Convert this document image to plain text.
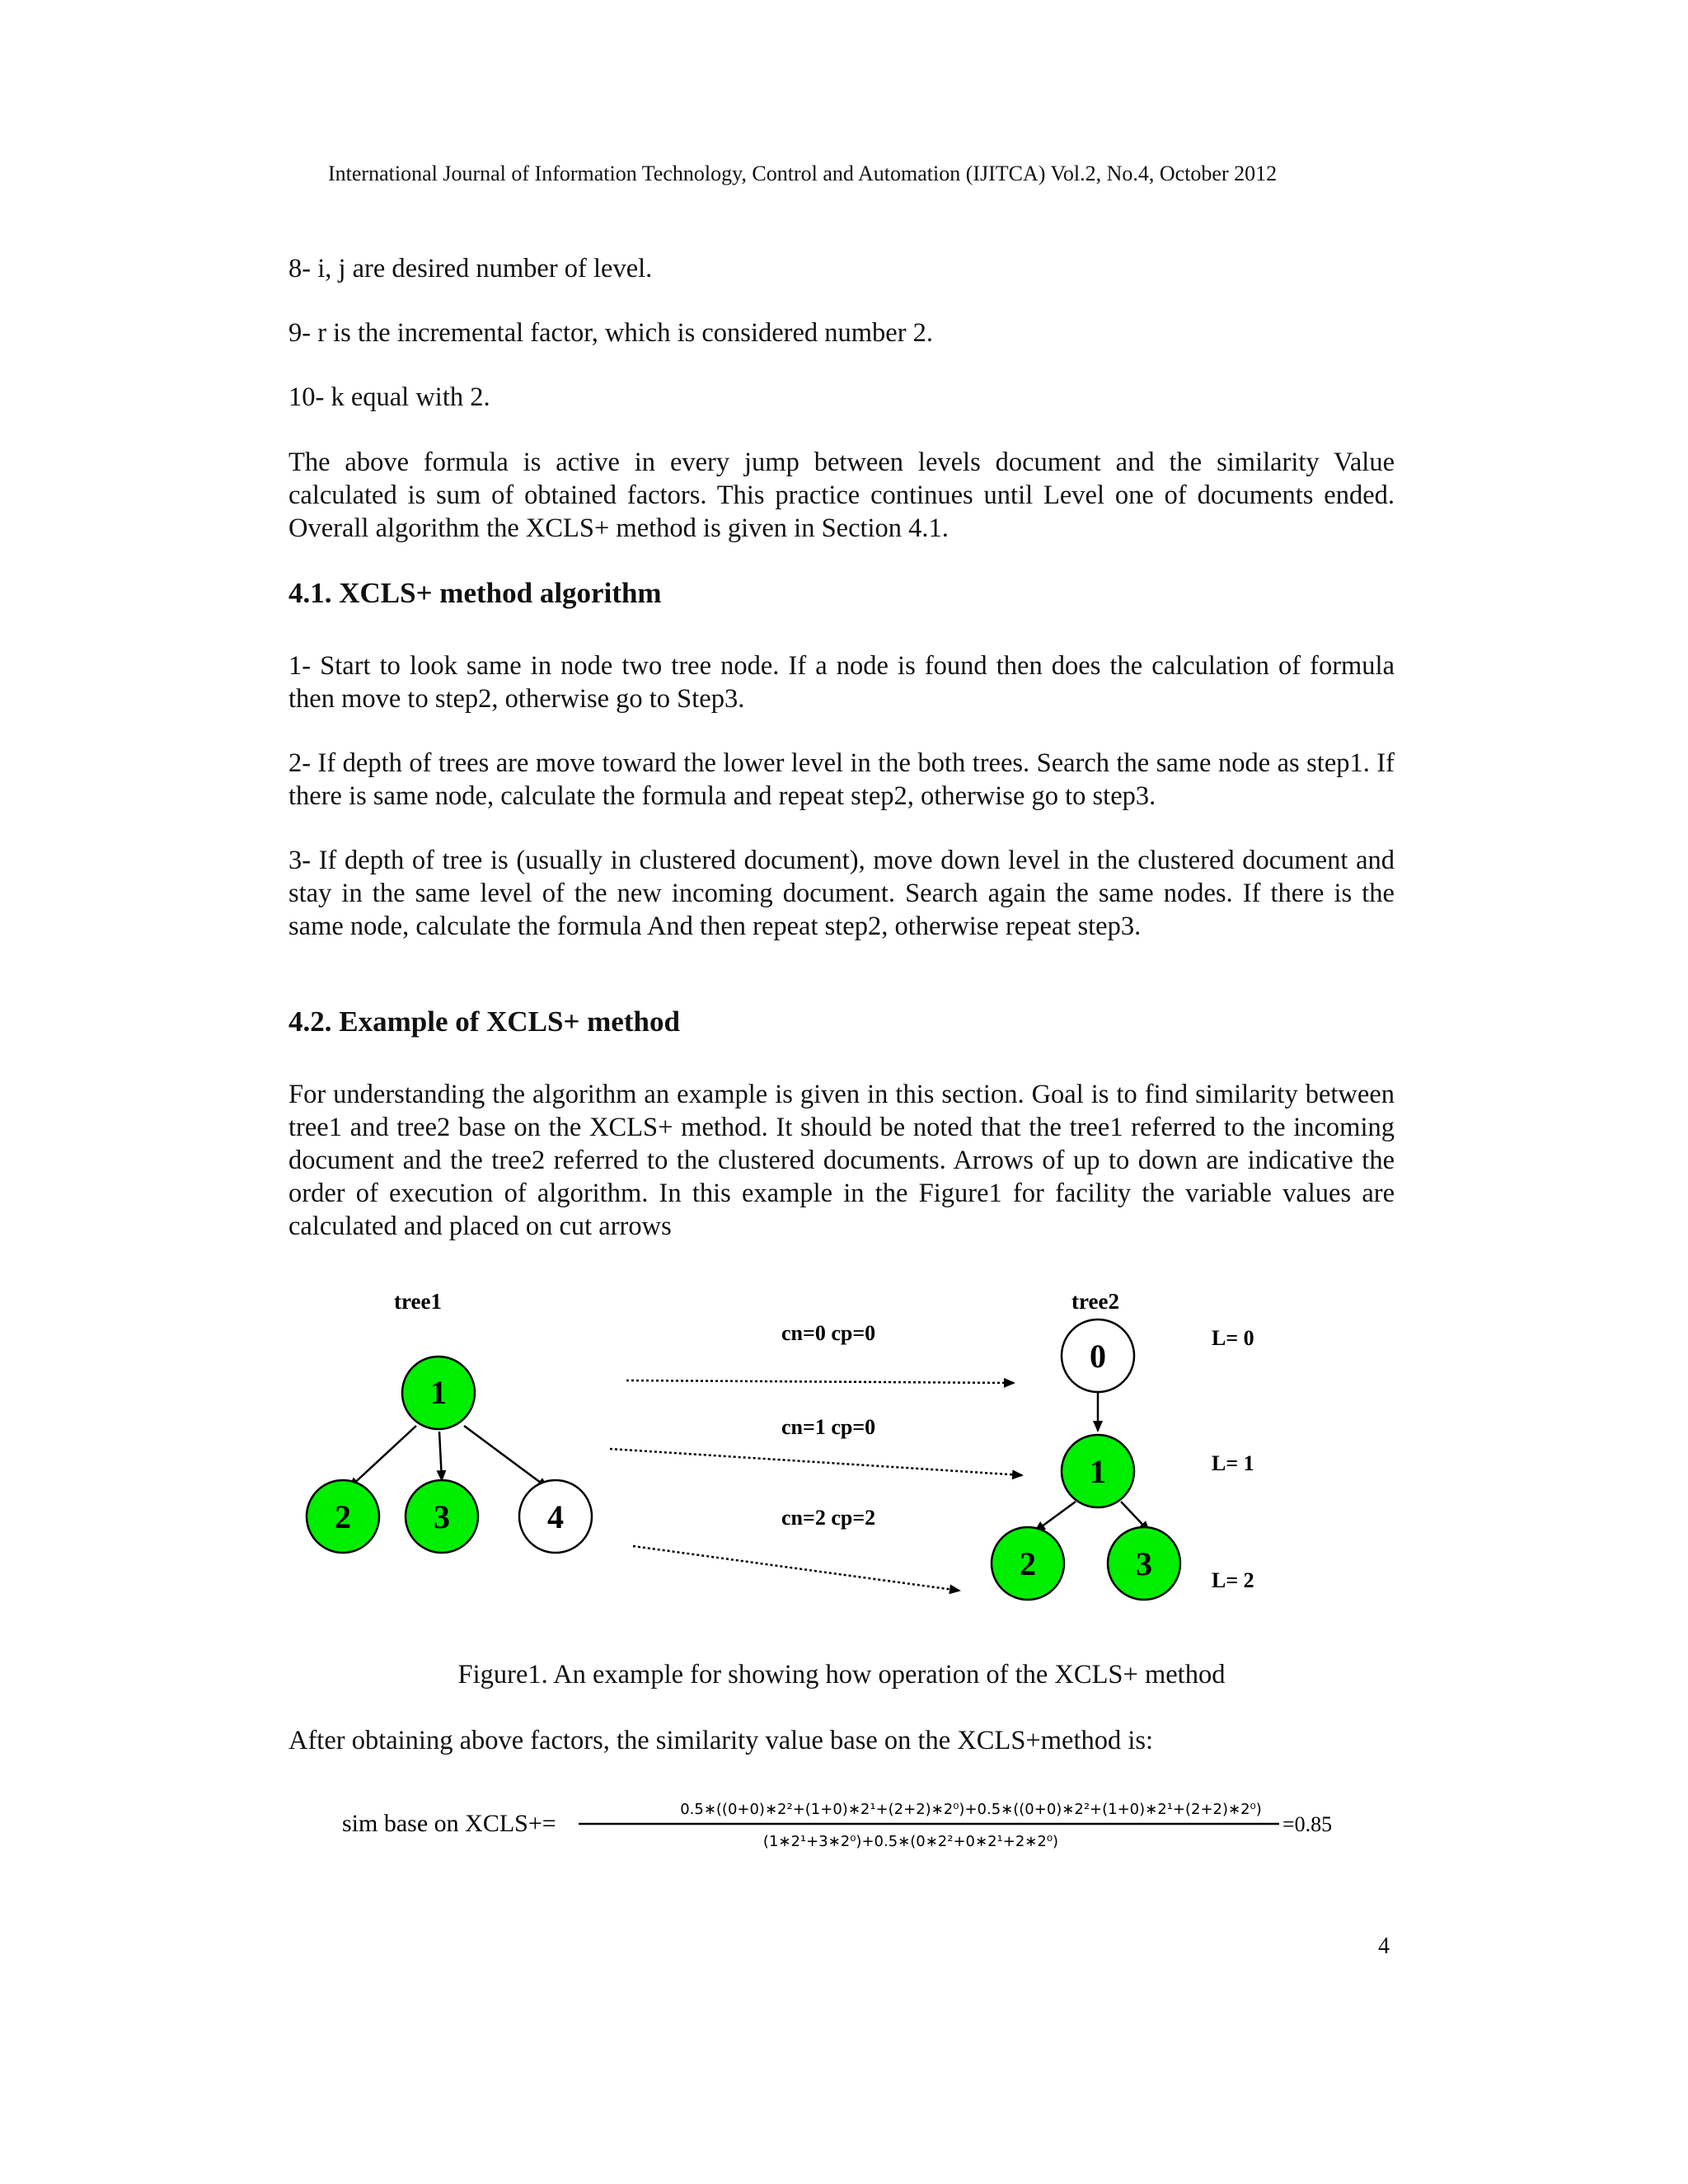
International Journal of Information Technology, Control and Automation (IJITCA) Vol.2, No.4, October 2012

8- i, j are desired number of level.

9- r is the incremental factor, which is considered number 2.

10- k equal with 2.

The above formula is active in every jump between levels document and the similarity Value calculated is sum of obtained factors. This practice continues until Level one of documents ended. Overall algorithm the XCLS+ method is given in Section 4.1.

4.1. XCLS+ method algorithm

1- Start to look same in node two tree node. If a node is found then does the calculation of formula then move to step2, otherwise go to Step3.

2- If depth of trees are move toward the lower level in the both trees. Search the same node as step1. If there is same node, calculate the formula and repeat step2, otherwise go to step3.

3- If depth of tree is (usually in clustered document), move down level in the clustered document and stay in the same level of the new incoming document. Search again the same nodes. If there is the same node, calculate the formula And then repeat step2, otherwise repeat step3.

4.2. Example of XCLS+ method

For understanding the algorithm an example is given in this section. Goal is to find similarity between tree1 and tree2 base on the XCLS+ method. It should be noted that the tree1 referred to the incoming document and the tree2 referred to the clustered documents. Arrows of up to down are indicative the order of execution of algorithm. In this example in the Figure1 for facility the variable values are calculated and placed on cut arrows

tree1	tree2
1
2	3	4
cn=0 cp=0
cn=1 cp=0
cn=2 cp=2
0
1
2	3
L= 0
L= 1
L= 2
Figure1. An example for showing how operation of the XCLS+ method

After obtaining above factors, the similarity value base on the XCLS+method is:

sim base on XCLS+=
0.5∗((0+0)∗2²+(1+0)∗2¹+(2+2)∗2⁰)+0.5∗((0+0)∗2²+(1+0)∗2¹+(2+2)∗2⁰)
(1∗2¹+3∗2⁰)+0.5∗(0∗2²+0∗2¹+2∗2⁰)
=0.85
4
